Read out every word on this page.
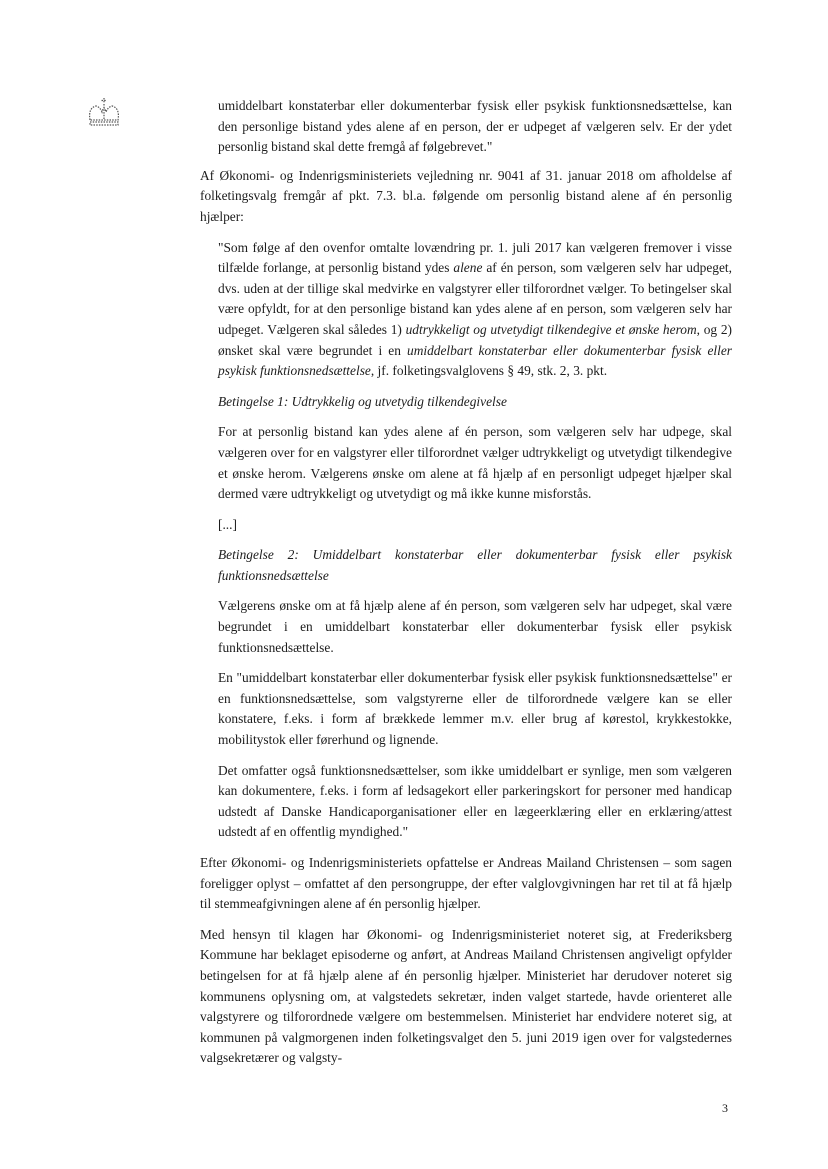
umiddelbart konstaterbar eller dokumenterbar fysisk eller psykisk funktionsnedsættelse, kan den personlige bistand ydes alene af en person, der er udpeget af vælgeren selv. Er der ydet personlig bistand skal dette fremgå af følgebrevet."

Af Økonomi- og Indenrigsministeriets vejledning nr. 9041 af 31. januar 2018 om afholdelse af folketingsvalg fremgår af pkt. 7.3. bl.a. følgende om personlig bistand alene af én personlig hjælper:

"Som følge af den ovenfor omtalte lovændring pr. 1. juli 2017 kan vælgeren fremover i visse tilfælde forlange, at personlig bistand ydes alene af én person, som vælgeren selv har udpeget, dvs. uden at der tillige skal medvirke en valgstyrer eller tilforordnet vælger. To betingelser skal være opfyldt, for at den personlige bistand kan ydes alene af en person, som vælgeren selv har udpeget. Vælgeren skal således 1) udtrykkeligt og utvetydigt tilkendegive et ønske herom, og 2) ønsket skal være begrundet i en umiddelbart konstaterbar eller dokumenterbar fysisk eller psykisk funktionsnedsættelse, jf. folketingsvalglovens § 49, stk. 2, 3. pkt.

Betingelse 1: Udtrykkelig og utvetydig tilkendegivelse

For at personlig bistand kan ydes alene af én person, som vælgeren selv har udpege, skal vælgeren over for en valgstyrer eller tilforordnet vælger udtrykkeligt og utvetydigt tilkendegive et ønske herom. Vælgerens ønske om alene at få hjælp af en personligt udpeget hjælper skal dermed være udtrykkeligt og utvetydigt og må ikke kunne misforstås.

[...]

Betingelse 2: Umiddelbart konstaterbar eller dokumenterbar fysisk eller psykisk funktionsnedsættelse

Vælgerens ønske om at få hjælp alene af én person, som vælgeren selv har udpeget, skal være begrundet i en umiddelbart konstaterbar eller dokumenterbar fysisk eller psykisk funktionsnedsættelse.

En "umiddelbart konstaterbar eller dokumenterbar fysisk eller psykisk funktionsnedsættelse" er en funktionsnedsættelse, som valgstyrerne eller de tilforordnede vælgere kan se eller konstatere, f.eks. i form af brækkede lemmer m.v. eller brug af kørestol, krykkestokke, mobilitystok eller førerhund og lignende.

Det omfatter også funktionsnedsættelser, som ikke umiddelbart er synlige, men som vælgeren kan dokumentere, f.eks. i form af ledsagekort eller parkeringskort for personer med handicap udstedt af Danske Handicaporganisationer eller en lægeerklæring eller en erklæring/attest udstedt af en offentlig myndighed."

Efter Økonomi- og Indenrigsministeriets opfattelse er Andreas Mailand Christensen – som sagen foreligger oplyst – omfattet af den persongruppe, der efter valglovgivningen har ret til at få hjælp til stemmeafgivningen alene af én personlig hjælper.

Med hensyn til klagen har Økonomi- og Indenrigsministeriet noteret sig, at Frederiksberg Kommune har beklaget episoderne og anført, at Andreas Mailand Christensen angiveligt opfylder betingelsen for at få hjælp alene af én personlig hjælper. Ministeriet har derudover noteret sig kommunens oplysning om, at valgstedets sekretær, inden valget startede, havde orienteret alle valgstyrere og tilforordnede vælgere om bestemmelsen. Ministeriet har endvidere noteret sig, at kommunen på valgmorgenen inden folketingsvalget den 5. juni 2019 igen over for valgstedernes valgsekretærer og valgsty-

3
